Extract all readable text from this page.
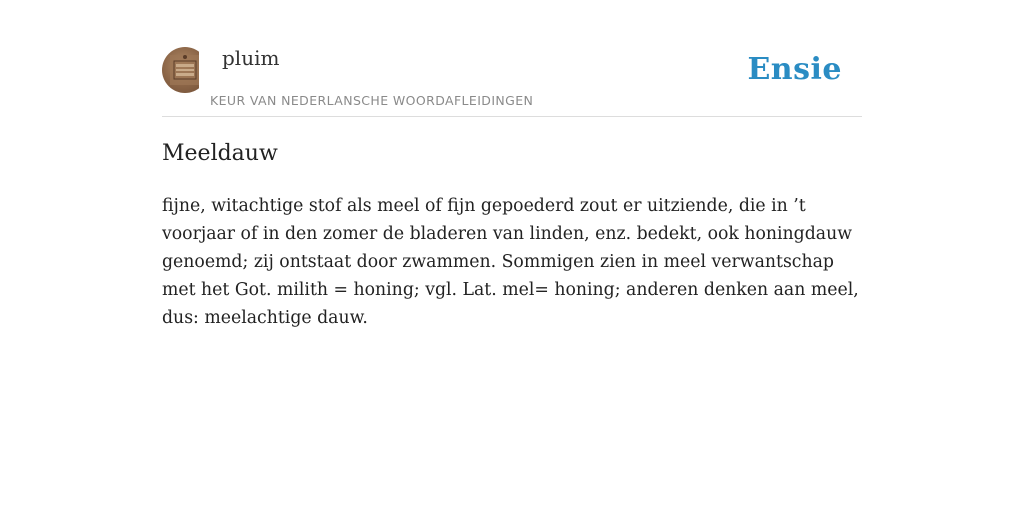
pluim
KEUR VAN NEDERLANSCHE WOORDAFLEIDINGEN
Ensie
Meeldauw

fijne, witachtige stof als meel of fijn gepoederd zout er uitziende, die in ’t voorjaar of in den zomer de bladeren van linden, enz. bedekt, ook honingdauw genoemd; zij ontstaat door zwammen. Sommigen zien in meel verwantschap met het Got. milith = honing; vgl. Lat. mel= honing; anderen denken aan meel, dus: meelachtige dauw.
